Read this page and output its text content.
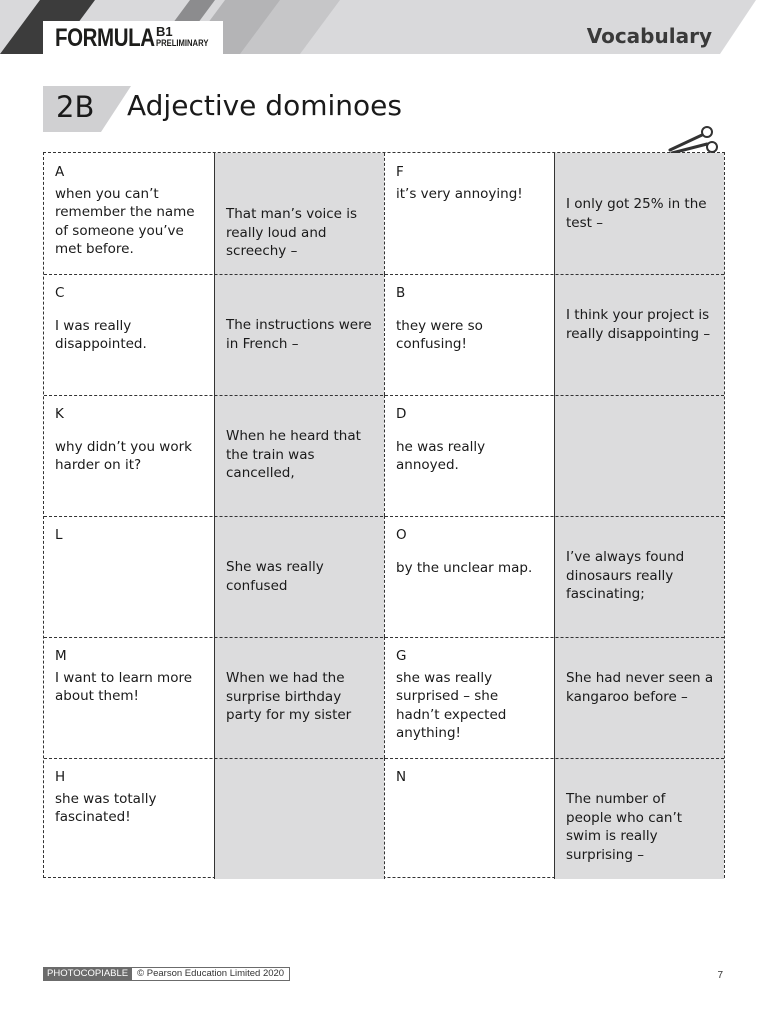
FORMULA B1
PRELIMINARY	Vocabulary
2B Adjective dominoes
A
when you can’t remember the name of someone you’ve met before.
That man’s voice is really loud and screechy –
F
it’s very annoying!
I only got 25% in the test –
C
I was really disappointed.
The instructions were in French –
B
they were so confusing!
I think your project is really disappointing –
K
why didn’t you work harder on it?
When he heard that the train was cancelled,
D
he was really annoyed.
L
She was really confused
O
by the unclear map.
I’ve always found dinosaurs really fascinating;
M
I want to learn more about them!
When we had the surprise birthday party for my sister
G
she was really surprised – she hadn’t expected anything!
She had never seen a kangaroo before –
H
she was totally fascinated!
N
The number of people who can’t swim is really surprising –
PHOTOCOPIABLE © Pearson Education Limited 2020	7
